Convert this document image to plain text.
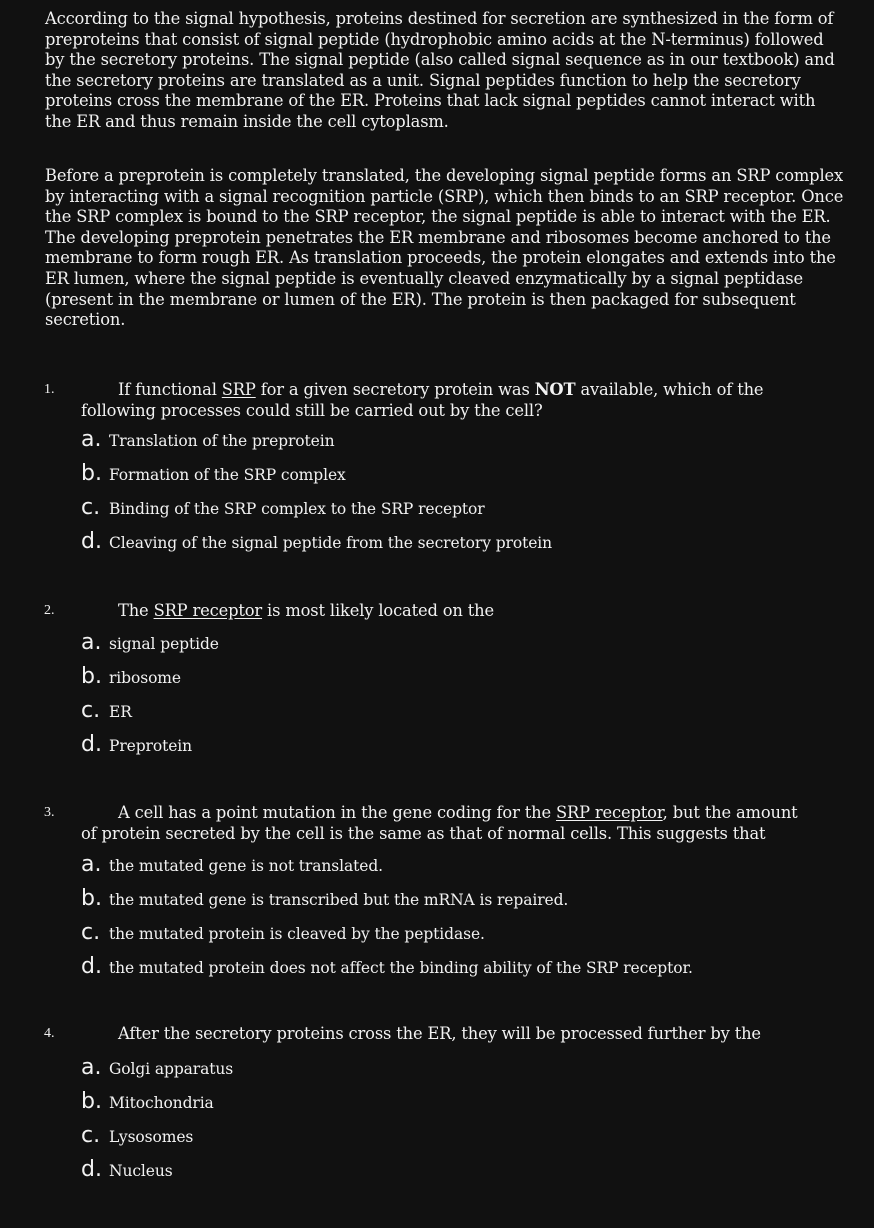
According to the signal hypothesis, proteins destined for secretion are synthesized in the form of preproteins that consist of signal peptide (hydrophobic amino acids at the N-terminus) followed by the secretory proteins. The signal peptide (also called signal sequence as in our textbook) and the secretory proteins are translated as a unit. Signal peptides function to help the secretory proteins cross the membrane of the ER. Proteins that lack signal peptides cannot interact with the ER and thus remain inside the cell cytoplasm.

Before a preprotein is completely translated, the developing signal peptide forms an SRP complex by interacting with a signal recognition particle (SRP), which then binds to an SRP receptor. Once the SRP complex is bound to the SRP receptor, the signal peptide is able to interact with the ER. The developing preprotein penetrates the ER membrane and ribosomes become anchored to the membrane to form rough ER. As translation proceeds, the protein elongates and extends into the ER lumen, where the signal peptide is eventually cleaved enzymatically by a signal peptidase (present in the membrane or lumen of the ER). The protein is then packaged for subsequent secretion.

1.	If functional SRP for a given secretory protein was NOT available, which of the following processes could still be carried out by the cell?

a. Translation of the preprotein
b. Formation of the SRP complex
c. Binding of the SRP complex to the SRP receptor
d. Cleaving of the signal peptide from the secretory protein
2.	The SRP receptor is most likely located on the

a. signal peptide
b. ribosome
c. ER
d. Preprotein
3.	A cell has a point mutation in the gene coding for the SRP receptor, but the amount of protein secreted by the cell is the same as that of normal cells. This suggests that

a. the mutated gene is not translated.
b. the mutated gene is transcribed but the mRNA is repaired.
c. the mutated protein is cleaved by the peptidase.
d. the mutated protein does not affect the binding ability of the SRP receptor.
4.	After the secretory proteins cross the ER, they will be processed further by the

a. Golgi apparatus
b. Mitochondria
c. Lysosomes
d. Nucleus
